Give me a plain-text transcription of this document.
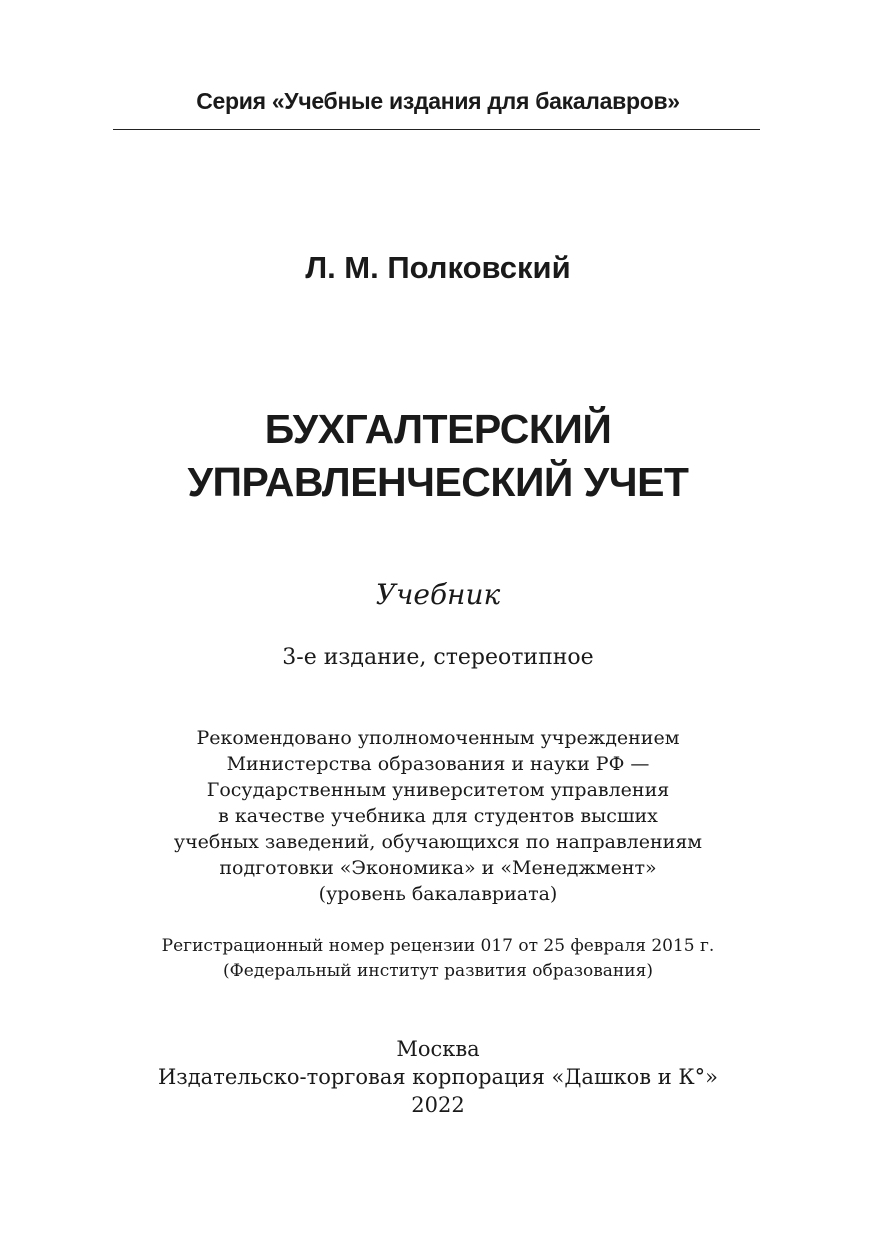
Серия «Учебные издания для бакалавров»
Л. М. Полковский
БУХГАЛТЕРСКИЙ
УПРАВЛЕНЧЕСКИЙ УЧЕТ
Учебник
3-е издание, стереотипное
Рекомендовано уполномоченным учреждением
Министерства образования и науки РФ —
Государственным университетом управления
в качестве учебника для студентов высших
учебных заведений, обучающихся по направлениям
подготовки «Экономика» и «Менеджмент»
(уровень бакалавриата)
Регистрационный номер рецензии 017 от 25 февраля 2015 г.
(Федеральный институт развития образования)
Москва
Издательско-торговая корпорация «Дашков и К°»
2022
